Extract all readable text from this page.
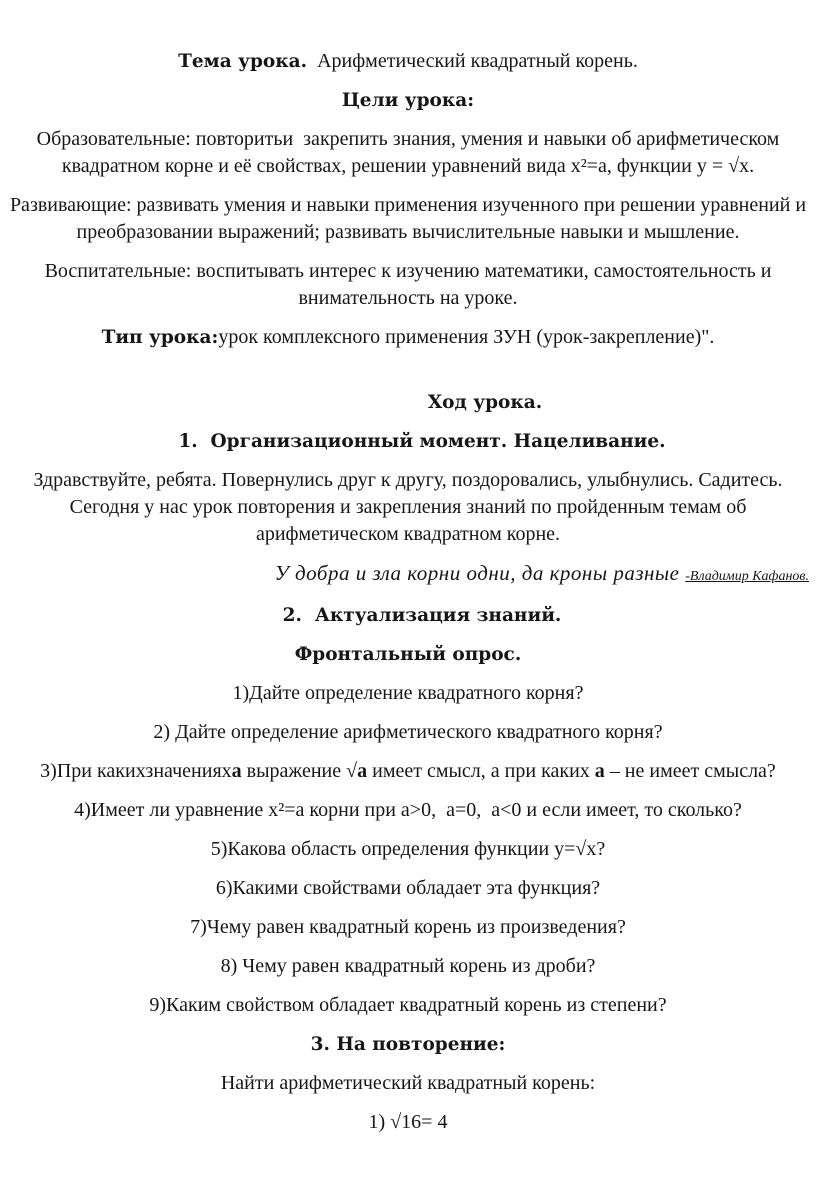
Тема урока.  Арифметический квадратный корень.

Цели урока:

Образовательные: повторитьи  закрепить знания, умения и навыки об арифметическом квадратном корне и её свойствах, решении уравнений вида x²=a, функции y = √x.

Развивающие: развивать умения и навыки применения изученного при решении уравнений и преобразовании выражений; развивать вычислительные навыки и мышление.

Воспитательные: воспитывать интерес к изучению математики, самостоятельность и внимательность на уроке.

Тип урока:урок комплексного применения ЗУН (урок-закрепление)".

Ход урока.

1.  Организационный момент. Нацеливание.

Здравствуйте, ребята. Повернулись друг к другу, поздоровались, улыбнулись. Садитесь. Сегодня у нас урок повторения и закрепления знаний по пройденным темам об арифметическом квадратном корне.

У добра и зла корни одни, да кроны разные -Владимир Кафанов.

2.  Актуализация знаний.

Фронтальный опрос.

1)Дайте определение квадратного корня?

2) Дайте определение арифметического квадратного корня?

3)При какихзначенияха выражение √а имеет смысл, а при каких а – не имеет смысла?

4)Имеет ли уравнение x²=a корни при a>0,  a=0,  a<0 и если имеет, то сколько?

5)Какова область определения функции y=√x?

6)Какими свойствами обладает эта функция?

7)Чему равен квадратный корень из произведения?

8) Чему равен квадратный корень из дроби?

9)Каким свойством обладает квадратный корень из степени?

3. На повторение:

Найти арифметический квадратный корень:

1) √16= 4
